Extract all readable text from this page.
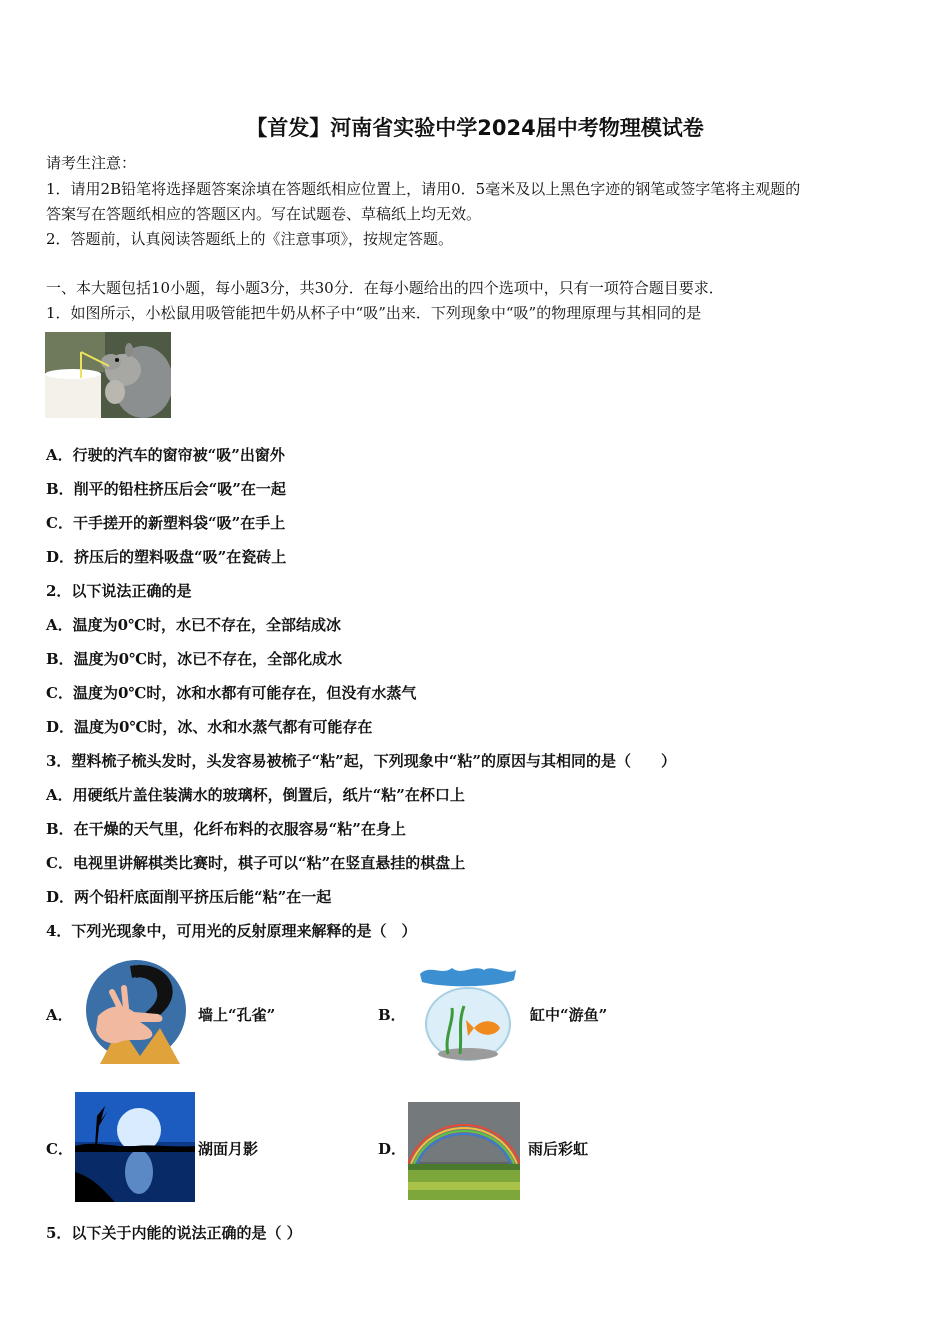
【首发】河南省实验中学2024届中考物理模试卷
请考生注意：
1．请用2B铅笔将选择题答案涂填在答题纸相应位置上，请用0．5毫米及以上黑色字迹的钢笔或签字笔将主观题的
答案写在答题纸相应的答题区内。写在试题卷、草稿纸上均无效。
2．答题前，认真阅读答题纸上的《注意事项》，按规定答题。
一、本大题包括10小题，每小题3分，共30分．在每小题给出的四个选项中，只有一项符合题目要求．
1．如图所示，小松鼠用吸管能把牛奶从杯子中“吸”出来．下列现象中“吸”的物理原理与其相同的是
A．行驶的汽车的窗帘被“吸”出窗外
B．削平的铅柱挤压后会“吸”在一起
C．干手搓开的新塑料袋“吸”在手上
D．挤压后的塑料吸盘“吸”在瓷砖上
2．以下说法正确的是
A．温度为0℃时，水已不存在，全部结成冰
B．温度为0℃时，冰已不存在，全部化成水
C．温度为0℃时，冰和水都有可能存在，但没有水蒸气
D．温度为0℃时，冰、水和水蒸气都有可能存在
3．塑料梳子梳头发时，头发容易被梳子“粘”起，下列现象中“粘”的原因与其相同的是（　　）
A．用硬纸片盖住装满水的玻璃杯，倒置后，纸片“粘”在杯口上
B．在干燥的天气里，化纤布料的衣服容易“粘”在身上
C．电视里讲解棋类比赛时，棋子可以“粘”在竖直悬挂的棋盘上
D．两个铅杆底面削平挤压后能“粘”在一起
4．下列光现象中，可用光的反射原理来解释的是（　）
A．	墙上“孔雀”	B．	缸中“游鱼”
C．	湖面月影	D．	雨后彩虹
5．以下关于内能的说法正确的是（ ）
